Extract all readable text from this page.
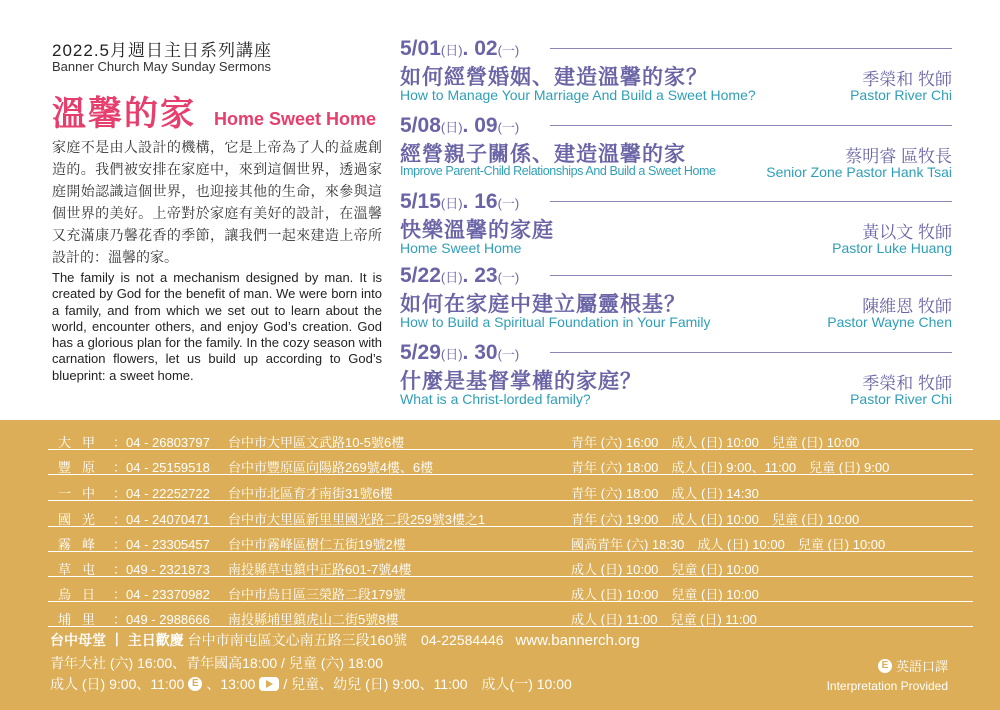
2022.5月週日主日系列講座
Banner Church May Sunday Sermons
溫馨的家 Home Sweet Home

家庭不是由人設計的機構，它是上帝為了人的益處創造的。我們被安排在家庭中，來到這個世界，透過家庭開始認識這個世界，也迎接其他的生命，來參與這個世界的美好。上帝對於家庭有美好的設計，在溫馨又充滿康乃馨花香的季節，讓我們一起來建造上帝所設計的：溫馨的家。

The family is not a mechanism designed by man. It is created by God for the benefit of man. We were born into a family, and from which we set out to learn about the world, encounter others, and enjoy God’s creation. God has a glorious plan for the family. In the cozy season with carnation flowers, let us build up according to God’s blueprint: a sweet home.

5/01(日). 02(一)
如何經營婚姻、建造溫馨的家？
How to Manage Your Marriage And Build a Sweet Home?
季榮和 牧師
Pastor River Chi
5/08(日). 09(一)
經營親子關係、建造溫馨的家
Improve Parent-Child Relationships And Build a Sweet Home
蔡明睿 區牧長
Senior Zone Pastor Hank Tsai
5/15(日). 16(一)
快樂溫馨的家庭
Home Sweet Home
黃以文 牧師
Pastor Luke Huang
5/22(日). 23(一)
如何在家庭中建立屬靈根基？
How to Build a Spiritual Foundation in Your Family
陳維恩 牧師
Pastor Wayne Chen
5/29(日). 30(一)
什麼是基督掌權的家庭？
What is a Christ-lorded family?
季榮和 牧師
Pastor River Chi
大甲 ：04 - 26803797 台中市大甲區文武路10-5號6樓	青年 (六) 16:00　成人 (日) 10:00　兒童 (日) 10:00
豐原 ：04 - 25159518 台中市豐原區向陽路269號4樓、6樓	青年 (六) 18:00　成人 (日) 9:00、11:00　兒童 (日) 9:00
一中 ：04 - 22252722 台中市北區育才南街31號6樓	青年 (六) 18:00　成人 (日) 14:30
國光 ：04 - 24070471 台中市大里區新里里國光路二段259號3樓之1	青年 (六) 19:00　成人 (日) 10:00　兒童 (日) 10:00
霧峰 ：04 - 23305457 台中市霧峰區樹仁五街19號2樓	國高青年 (六) 18:30　成人 (日) 10:00　兒童 (日) 10:00
草屯 ：049 - 2321873 南投縣草屯鎮中正路601-7號4樓	成人 (日) 10:00　兒童 (日) 10:00
烏日 ：04 - 23370982 台中市烏日區三榮路二段179號	成人 (日) 10:00　兒童 (日) 10:00
埔里 ：049 - 2988666 南投縣埔里鎮虎山二街5號8樓	成人 (日) 11:00　兒童 (日) 11:00
台中母堂 丨 主日歡慶 台中市南屯區文心南五路三段160號　04-22584446 www.bannerch.org
青年大社 (六) 16:00、青年國高18:00 / 兒童 (六) 18:00
成人 (日) 9:00、11:00 E 、13:00 / 兒童、幼兒 (日) 9:00、11:00　成人(一) 10:00
E 英語口譯
Interpretation Provided
